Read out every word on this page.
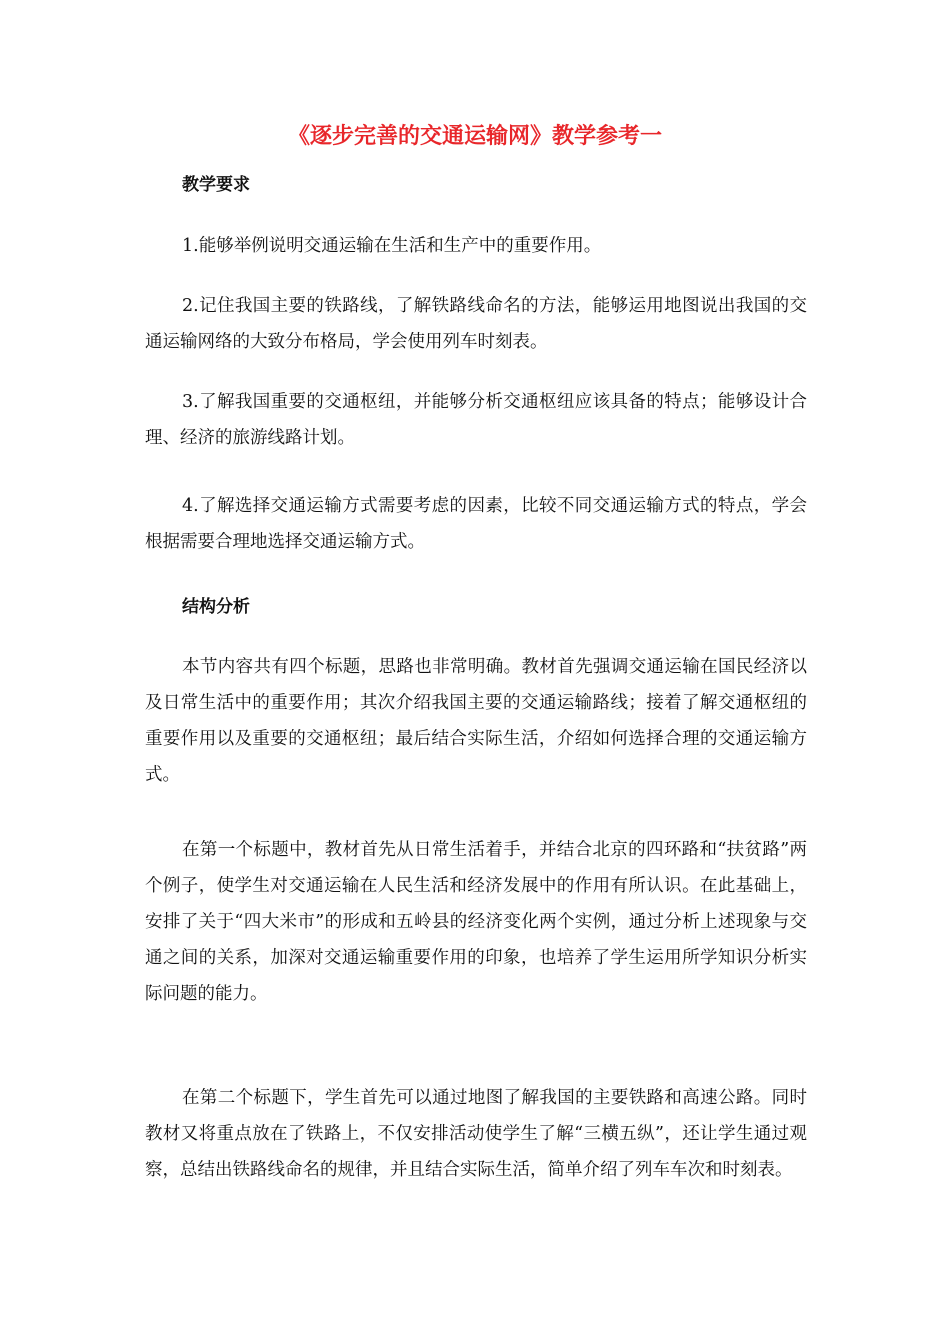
《逐步完善的交通运输网》教学参考一
教学要求

1.能够举例说明交通运输在生活和生产中的重要作用。

2.记住我国主要的铁路线，了解铁路线命名的方法，能够运用地图说出我国的交通运输网络的大致分布格局，学会使用列车时刻表。

3.了解我国重要的交通枢纽，并能够分析交通枢纽应该具备的特点；能够设计合理、经济的旅游线路计划。

4.了解选择交通运输方式需要考虑的因素，比较不同交通运输方式的特点，学会根据需要合理地选择交通运输方式。

结构分析

本节内容共有四个标题，思路也非常明确。教材首先强调交通运输在国民经济以及日常生活中的重要作用；其次介绍我国主要的交通运输路线；接着了解交通枢纽的重要作用以及重要的交通枢纽；最后结合实际生活，介绍如何选择合理的交通运输方式。

在第一个标题中，教材首先从日常生活着手，并结合北京的四环路和“扶贫路”两个例子，使学生对交通运输在人民生活和经济发展中的作用有所认识。在此基础上，安排了关于“四大米市”的形成和五岭县的经济变化两个实例，通过分析上述现象与交通之间的关系，加深对交通运输重要作用的印象，也培养了学生运用所学知识分析实际问题的能力。

在第二个标题下，学生首先可以通过地图了解我国的主要铁路和高速公路。同时教材又将重点放在了铁路上，不仅安排活动使学生了解“三横五纵”，还让学生通过观察，总结出铁路线命名的规律，并且结合实际生活，简单介绍了列车车次和时刻表。
